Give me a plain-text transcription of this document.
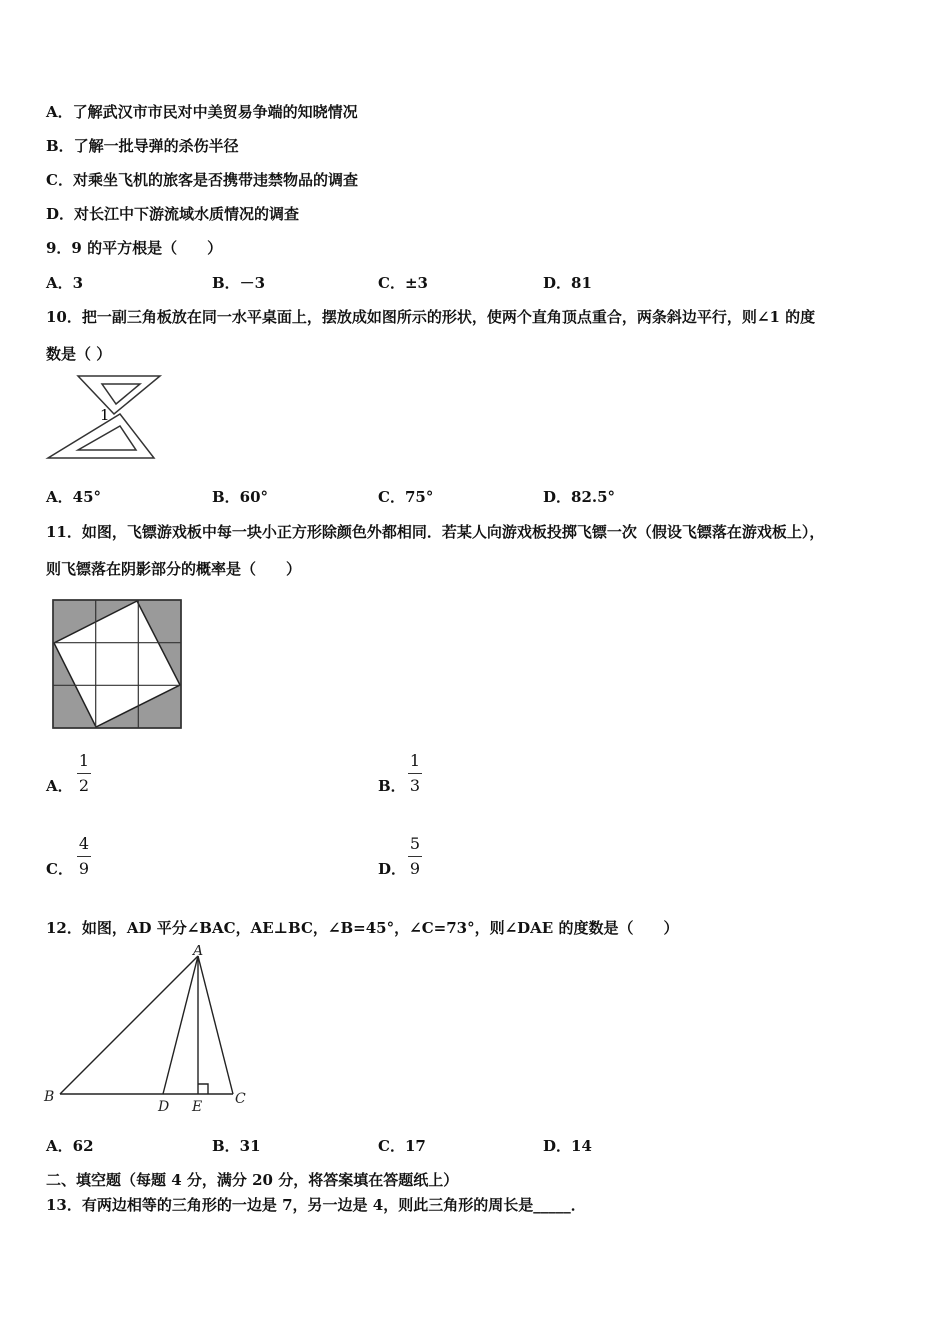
A．了解武汉市市民对中美贸易争端的知晓情况
B．了解一批导弹的杀伤半径
C．对乘坐飞机的旅客是否携带违禁物品的调查
D．对长江中下游流域水质情况的调查
9．9 的平方根是（　　）
A．3	B．－3	C．±3	D．81
10．把一副三角板放在同一水平桌面上，摆放成如图所示的形状，使两个直角顶点重合，两条斜边平行，则∠1 的度
数是（ ）
1
A．45°	B．60°	C．75°	D．82.5°
11．如图，飞镖游戏板中每一块小正方形除颜色外都相同．若某人向游戏板投掷飞镖一次（假设飞镖落在游戏板上），
则飞镖落在阴影部分的概率是（　　）
A．
1
2	B．
1
3
C．
4
9	D．
5
9
12．如图，AD 平分∠BAC，AE⊥BC，∠B=45°，∠C=73°，则∠DAE 的度数是（　　）
A
B	C
D E
A．62	B．31	C．17	D．14
二、填空题（每题 4 分，满分 20 分，将答案填在答题纸上）
13．有两边相等的三角形的一边是 7，另一边是 4，则此三角形的周长是_____．
